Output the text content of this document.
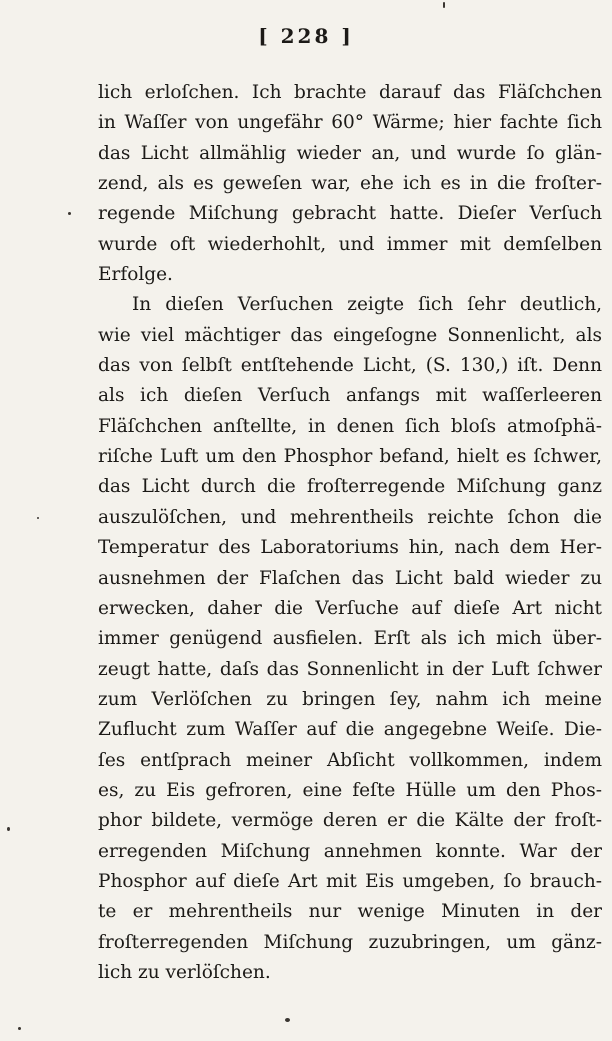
[ 228 ]
lich erloſchen. Ich brachte darauf das Fläſchchen
in Waſſer von ungefähr 60° Wärme; hier fachte ſich
das Licht allmählig wieder an, und wurde ſo glän-
zend, als es geweſen war, ehe ich es in die froſter-
regende Miſchung gebracht hatte. Dieſer Verſuch
wurde oft wiederhohlt, und immer mit demſelben
Erfolge.
In dieſen Verſuchen zeigte ſich ſehr deutlich,
wie viel mächtiger das eingeſogne Sonnenlicht, als
das von ſelbſt entſtehende Licht, (S. 130,) iſt. Denn
als ich dieſen Verſuch anfangs mit waſſerleeren
Fläſchchen anſtellte, in denen ſich bloſs atmoſphä-
riſche Luft um den Phosphor befand, hielt es ſchwer,
das Licht durch die froſterregende Miſchung ganz
auszulöſchen, und mehrentheils reichte ſchon die
Temperatur des Laboratoriums hin, nach dem Her-
ausnehmen der Flaſchen das Licht bald wieder zu
erwecken, daher die Verſuche auf dieſe Art nicht
immer genügend ausfielen. Erſt als ich mich über-
zeugt hatte, daſs das Sonnenlicht in der Luft ſchwer
zum Verlöſchen zu bringen ſey, nahm ich meine
Zuflucht zum Waſſer auf die angegebne Weiſe. Die-
ſes entſprach meiner Abſicht vollkommen, indem
es, zu Eis gefroren, eine feſte Hülle um den Phos-
phor bildete, vermöge deren er die Kälte der froſt-
erregenden Miſchung annehmen konnte. War der
Phosphor auf dieſe Art mit Eis umgeben, ſo brauch-
te er mehrentheils nur wenige Minuten in der
froſterregenden Miſchung zuzubringen, um gänz-
lich zu verlöſchen.
